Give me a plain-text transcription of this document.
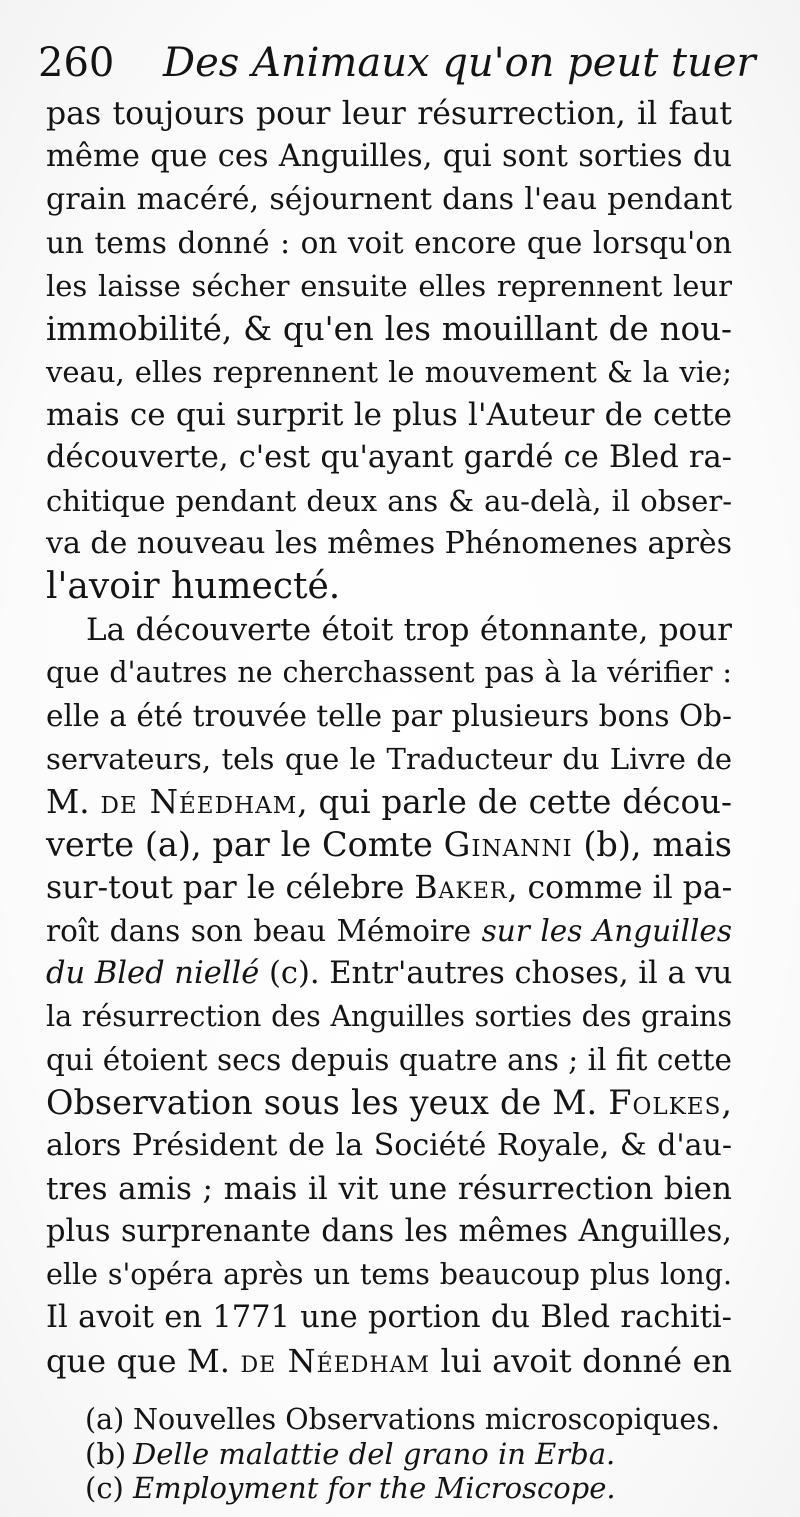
260 Des Animaux qu'on peut tuer
pas toujours pour leur résurrection, il faut
même que ces Anguilles, qui sont sorties du
grain macéré, séjournent dans l'eau pendant
un tems donné : on voit encore que lorsqu'on
les laisse sécher ensuite elles reprennent leur
immobilité, & qu'en les mouillant de nou-
veau, elles reprennent le mouvement & la vie;
mais ce qui surprit le plus l'Auteur de cette
découverte, c'est qu'ayant gardé ce Bled ra-
chitique pendant deux ans & au-delà, il obser-
va de nouveau les mêmes Phénomenes après
l'avoir humecté.
La découverte étoit trop étonnante, pour
que d'autres ne cherchassent pas à la vérifier :
elle a été trouvée telle par plusieurs bons Ob-
servateurs, tels que le Traducteur du Livre de
M. de Néedham, qui parle de cette décou-
verte (a), par le Comte Ginanni (b), mais
sur-tout par le célebre Baker, comme il pa-
roît dans son beau Mémoire sur les Anguilles
du Bled niellé (c). Entr'autres choses, il a vu
la résurrection des Anguilles sorties des grains
qui étoient secs depuis quatre ans ; il fit cette
Observation sous les yeux de M. Folkes,
alors Président de la Société Royale, & d'au-
tres amis ; mais il vit une résurrection bien
plus surprenante dans les mêmes Anguilles,
elle s'opéra après un tems beaucoup plus long.
Il avoit en 1771 une portion du Bled rachiti-
que que M. de Néedham lui avoit donné en
(a) Nouvelles Observations microscopiques.
(b) Delle malattie del grano in Erba.
(c) Employment for the Microscope.
